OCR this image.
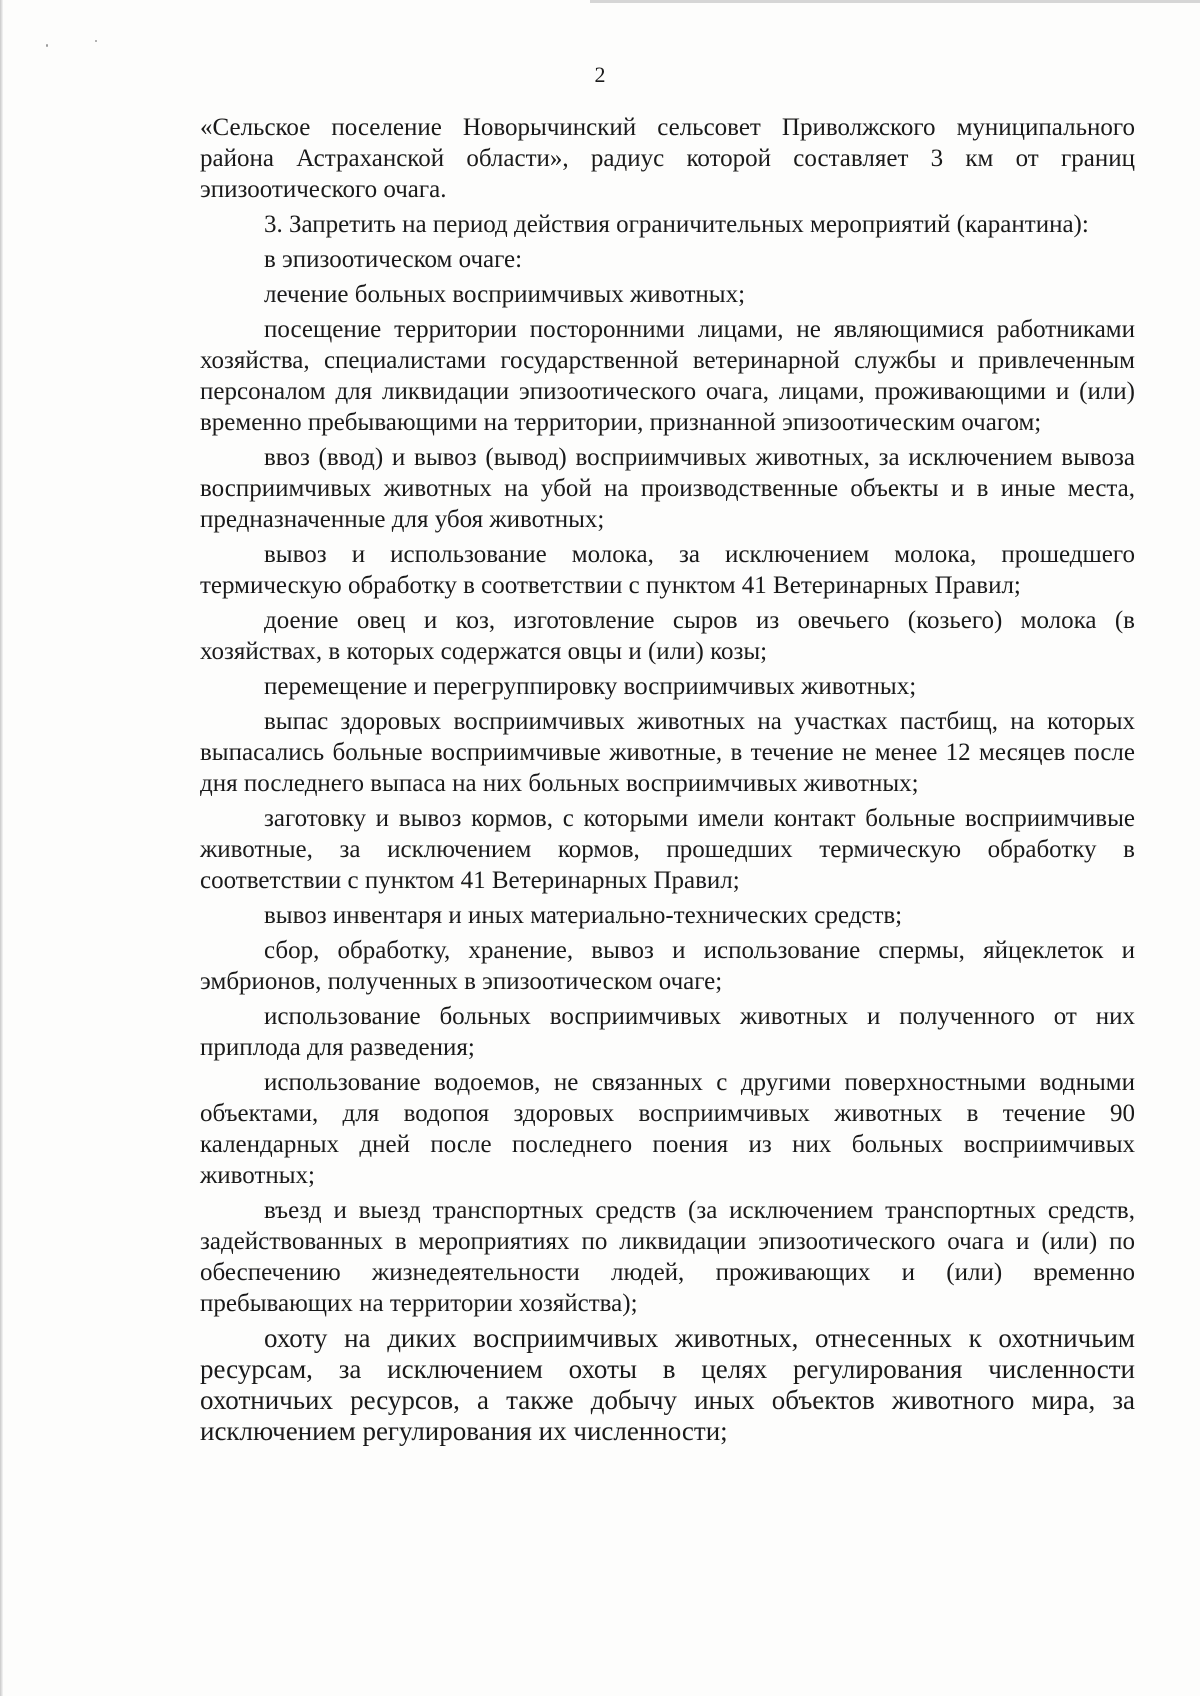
2

«Сельское поселение Новорычинский сельсовет Приволжского муниципального района Астраханской области», радиус которой составляет 3 км от границ эпизоотического очага.

3. Запретить на период действия ограничительных мероприятий (карантина):

в эпизоотическом очаге:

лечение больных восприимчивых животных;

посещение территории посторонними лицами, не являющимися работниками хозяйства, специалистами государственной ветеринарной службы и привлеченным персоналом для ликвидации эпизоотического очага, лицами, проживающими и (или) временно пребывающими на территории, признанной эпизоотическим очагом;

ввоз (ввод) и вывоз (вывод) восприимчивых животных, за исключением вывоза восприимчивых животных на убой на производственные объекты и в иные места, предназначенные для убоя животных;

вывоз и использование молока, за исключением молока, прошедшего термическую обработку в соответствии с пунктом 41 Ветеринарных Правил;

доение овец и коз, изготовление сыров из овечьего (козьего) молока (в хозяйствах, в которых содержатся овцы и (или) козы;

перемещение и перегруппировку восприимчивых животных;

выпас здоровых восприимчивых животных на участках пастбищ, на которых выпасались больные восприимчивые животные, в течение не менее 12 месяцев после дня последнего выпаса на них больных восприимчивых животных;

заготовку и вывоз кормов, с которыми имели контакт больные восприимчивые животные, за исключением кормов, прошедших термическую обработку в соответствии с пунктом 41 Ветеринарных Правил;

вывоз инвентаря и иных материально-технических средств;

сбор, обработку, хранение, вывоз и использование спермы, яйцеклеток и эмбрионов, полученных в эпизоотическом очаге;

использование больных восприимчивых животных и полученного от них приплода для разведения;

использование водоемов, не связанных с другими поверхностными водными объектами, для водопоя здоровых восприимчивых животных в течение 90 календарных дней после последнего поения из них больных восприимчивых животных;

въезд и выезд транспортных средств (за исключением транспортных средств, задействованных в мероприятиях по ликвидации эпизоотического очага и (или) по обеспечению жизнедеятельности людей, проживающих и (или) временно пребывающих на территории хозяйства);

охоту на диких восприимчивых животных, отнесенных к охотничьим ресурсам, за исключением охоты в целях регулирования численности охотничьих ресурсов, а также добычу иных объектов животного мира, за исключением регулирования их численности;
